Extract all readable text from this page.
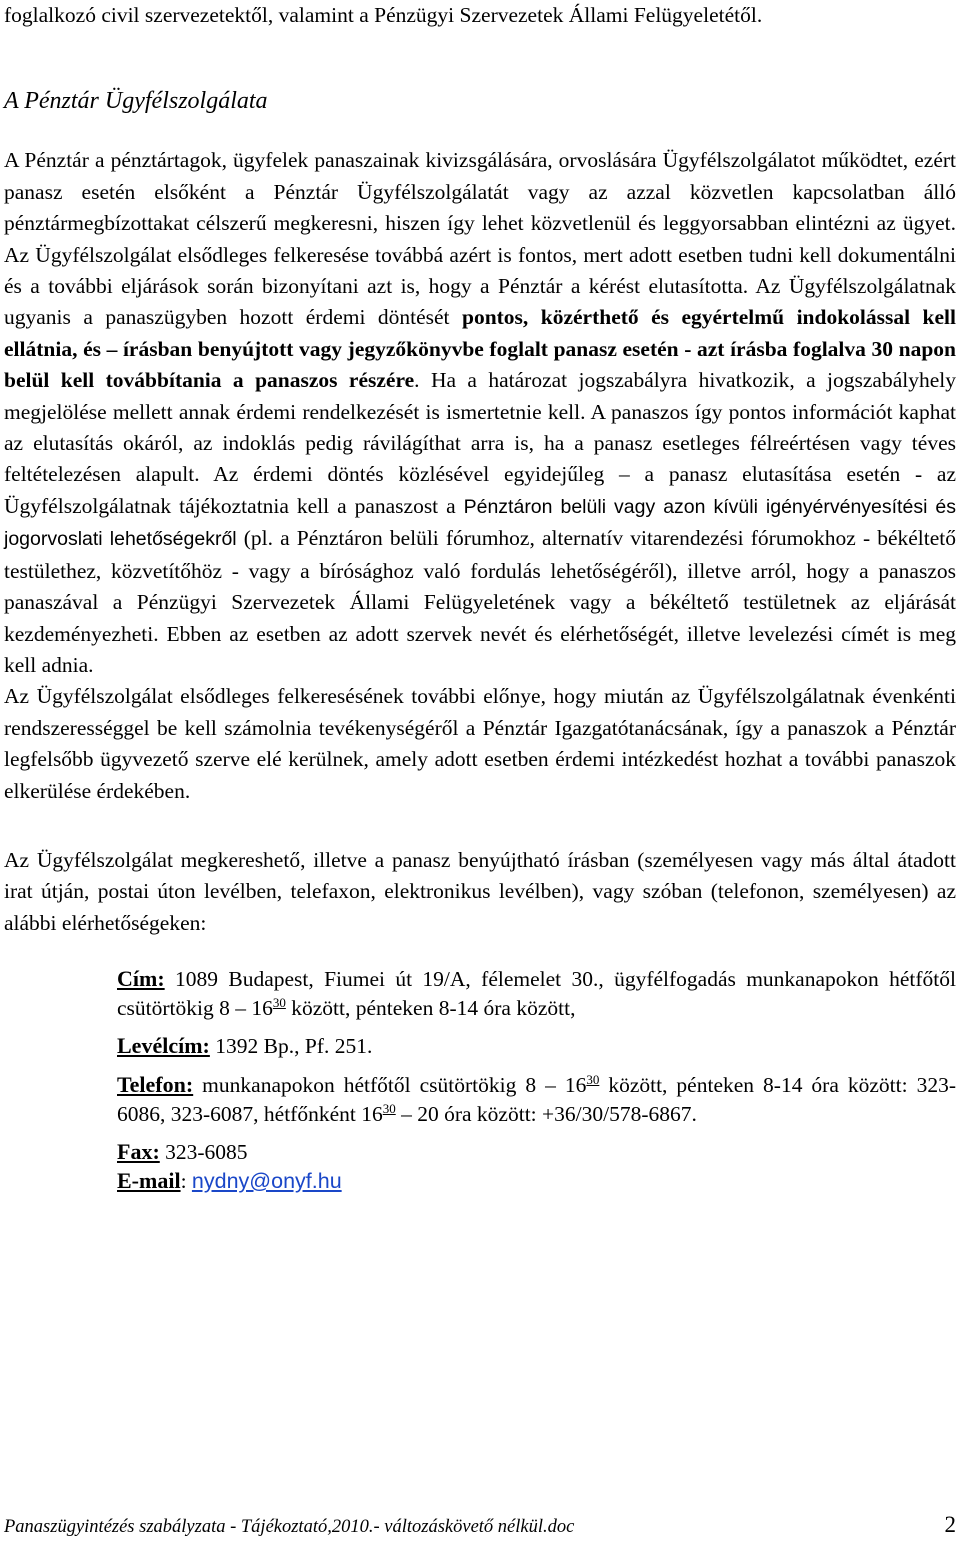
foglalkozó civil szervezetektől, valamint a Pénzügyi Szervezetek Állami Felügyeletétől.

A Pénztár Ügyfélszolgálata

A Pénztár a pénztártagok, ügyfelek panaszainak kivizsgálására, orvoslására Ügyfélszolgálatot működtet, ezért panasz esetén elsőként a Pénztár Ügyfélszolgálatát vagy az azzal közvetlen kapcsolatban álló pénztármegbízottakat célszerű megkeresni, hiszen így lehet közvetlenül és leggyorsabban elintézni az ügyet. Az Ügyfélszolgálat elsődleges felkeresése továbbá azért is fontos, mert adott esetben tudni kell dokumentálni és a további eljárások során bizonyítani azt is, hogy a Pénztár a kérést elutasította. Az Ügyfélszolgálatnak ugyanis a panaszügyben hozott érdemi döntését pontos, közérthető és egyértelmű indokolással kell ellátnia, és – írásban benyújtott vagy jegyzőkönyvbe foglalt panasz esetén - azt írásba foglalva 30 napon belül kell továbbítania a panaszos részére. Ha a határozat jogszabályra hivatkozik, a jogszabályhely megjelölése mellett annak érdemi rendelkezését is ismertetnie kell. A panaszos így pontos információt kaphat az elutasítás okáról, az indoklás pedig rávilágíthat arra is, ha a panasz esetleges félreértésen vagy téves feltételezésen alapult. Az érdemi döntés közlésével egyidejűleg – a panasz elutasítása esetén - az Ügyfélszolgálatnak tájékoztatnia kell a panaszost a Pénztáron belüli vagy azon kívüli igényérvényesítési és jogorvoslati lehetőségekről (pl. a Pénztáron belüli fórumhoz, alternatív vitarendezési fórumokhoz - békéltető testülethez, közvetítőhöz - vagy a bírósághoz való fordulás lehetőségéről), illetve arról, hogy a panaszos panaszával a Pénzügyi Szervezetek Állami Felügyeletének vagy a békéltető testületnek az eljárását kezdeményezheti. Ebben az esetben az adott szervek nevét és elérhetőségét, illetve levelezési címét is meg kell adnia.

Az Ügyfélszolgálat elsődleges felkeresésének további előnye, hogy miután az Ügyfélszolgálatnak évenkénti rendszerességgel be kell számolnia tevékenységéről a Pénztár Igazgatótanácsának, így a panaszok a Pénztár legfelsőbb ügyvezető szerve elé kerülnek, amely adott esetben érdemi intézkedést hozhat a további panaszok elkerülése érdekében.

Az Ügyfélszolgálat megkereshető, illetve a panasz benyújtható írásban (személyesen vagy más által átadott irat útján, postai úton levélben, telefaxon, elektronikus levélben), vagy szóban (telefonon, személyesen) az alábbi elérhetőségeken:

Cím: 1089 Budapest, Fiumei út 19/A, félemelet 30., ügyfélfogadás munkanapokon hétfőtől csütörtökig $8 - 16^{30}$ között, pénteken 8-14 óra között,

Levélcím: 1392 Bp., Pf. 251.

Telefon: munkanapokon hétfőtől csütörtökig $8 - 16^{30}$ között, pénteken 8-14 óra között: 323-6086, 323-6087, hétfőnként $16^{30} - 20$ óra között: +36/30/578-6867.

Fax: 323-6085

E-mail: nydny@onyf.hu

Panaszügyintézés szabályzata - Tájékoztató,2010.- változáskövető nélkül.doc	2
